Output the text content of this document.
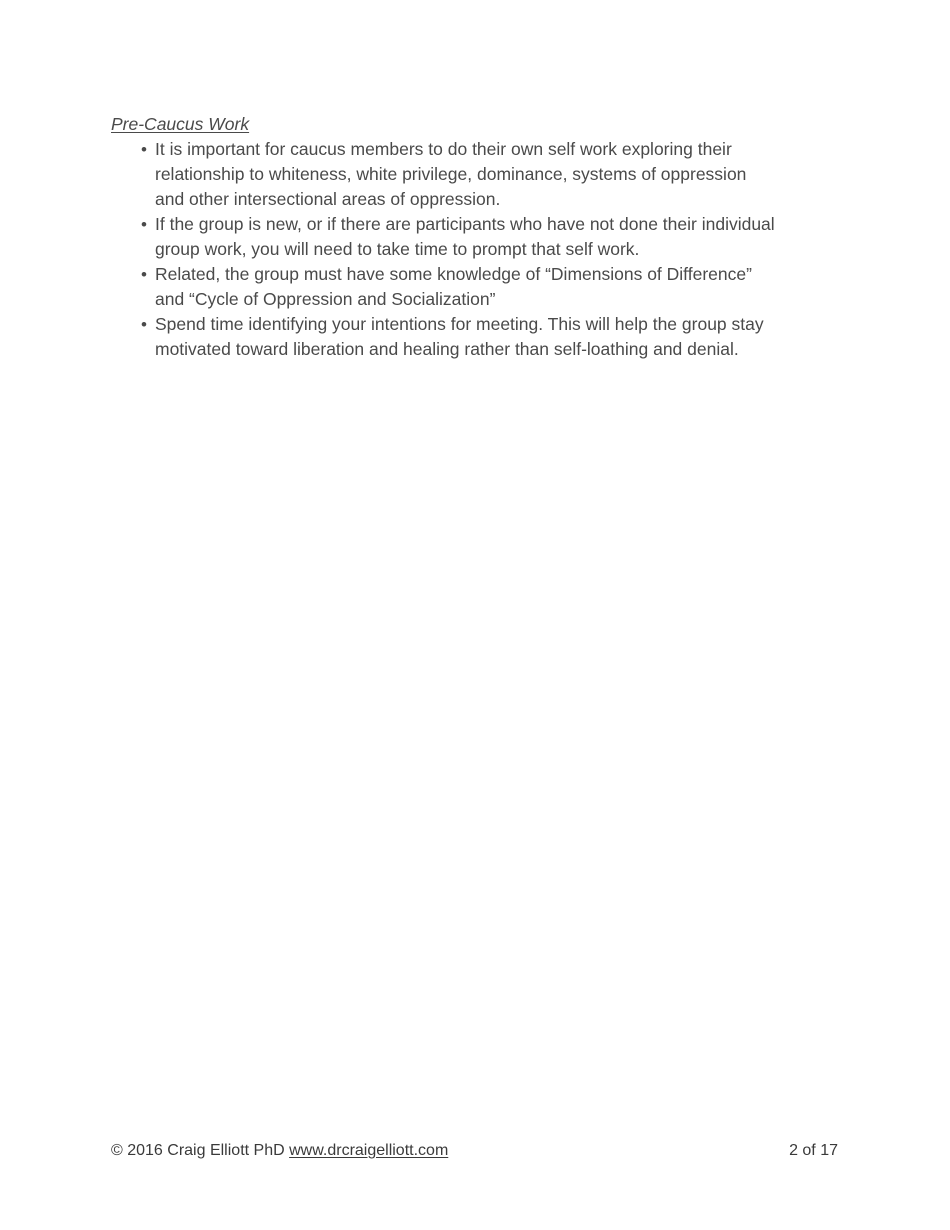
Pre-Caucus Work
• It is important for caucus members to do their own self work exploring their
relationship to whiteness, white privilege, dominance, systems of oppression
and other intersectional areas of oppression.
• If the group is new, or if there are participants who have not done their individual
group work, you will need to take time to prompt that self work.
• Related, the group must have some knowledge of “Dimensions of Difference”
and “Cycle of Oppression and Socialization”
• Spend time identifying your intentions for meeting. This will help the group stay
motivated toward liberation and healing rather than self-loathing and denial.
© 2016 Craig Elliott PhD www.drcraigelliott.com	2 of 17
